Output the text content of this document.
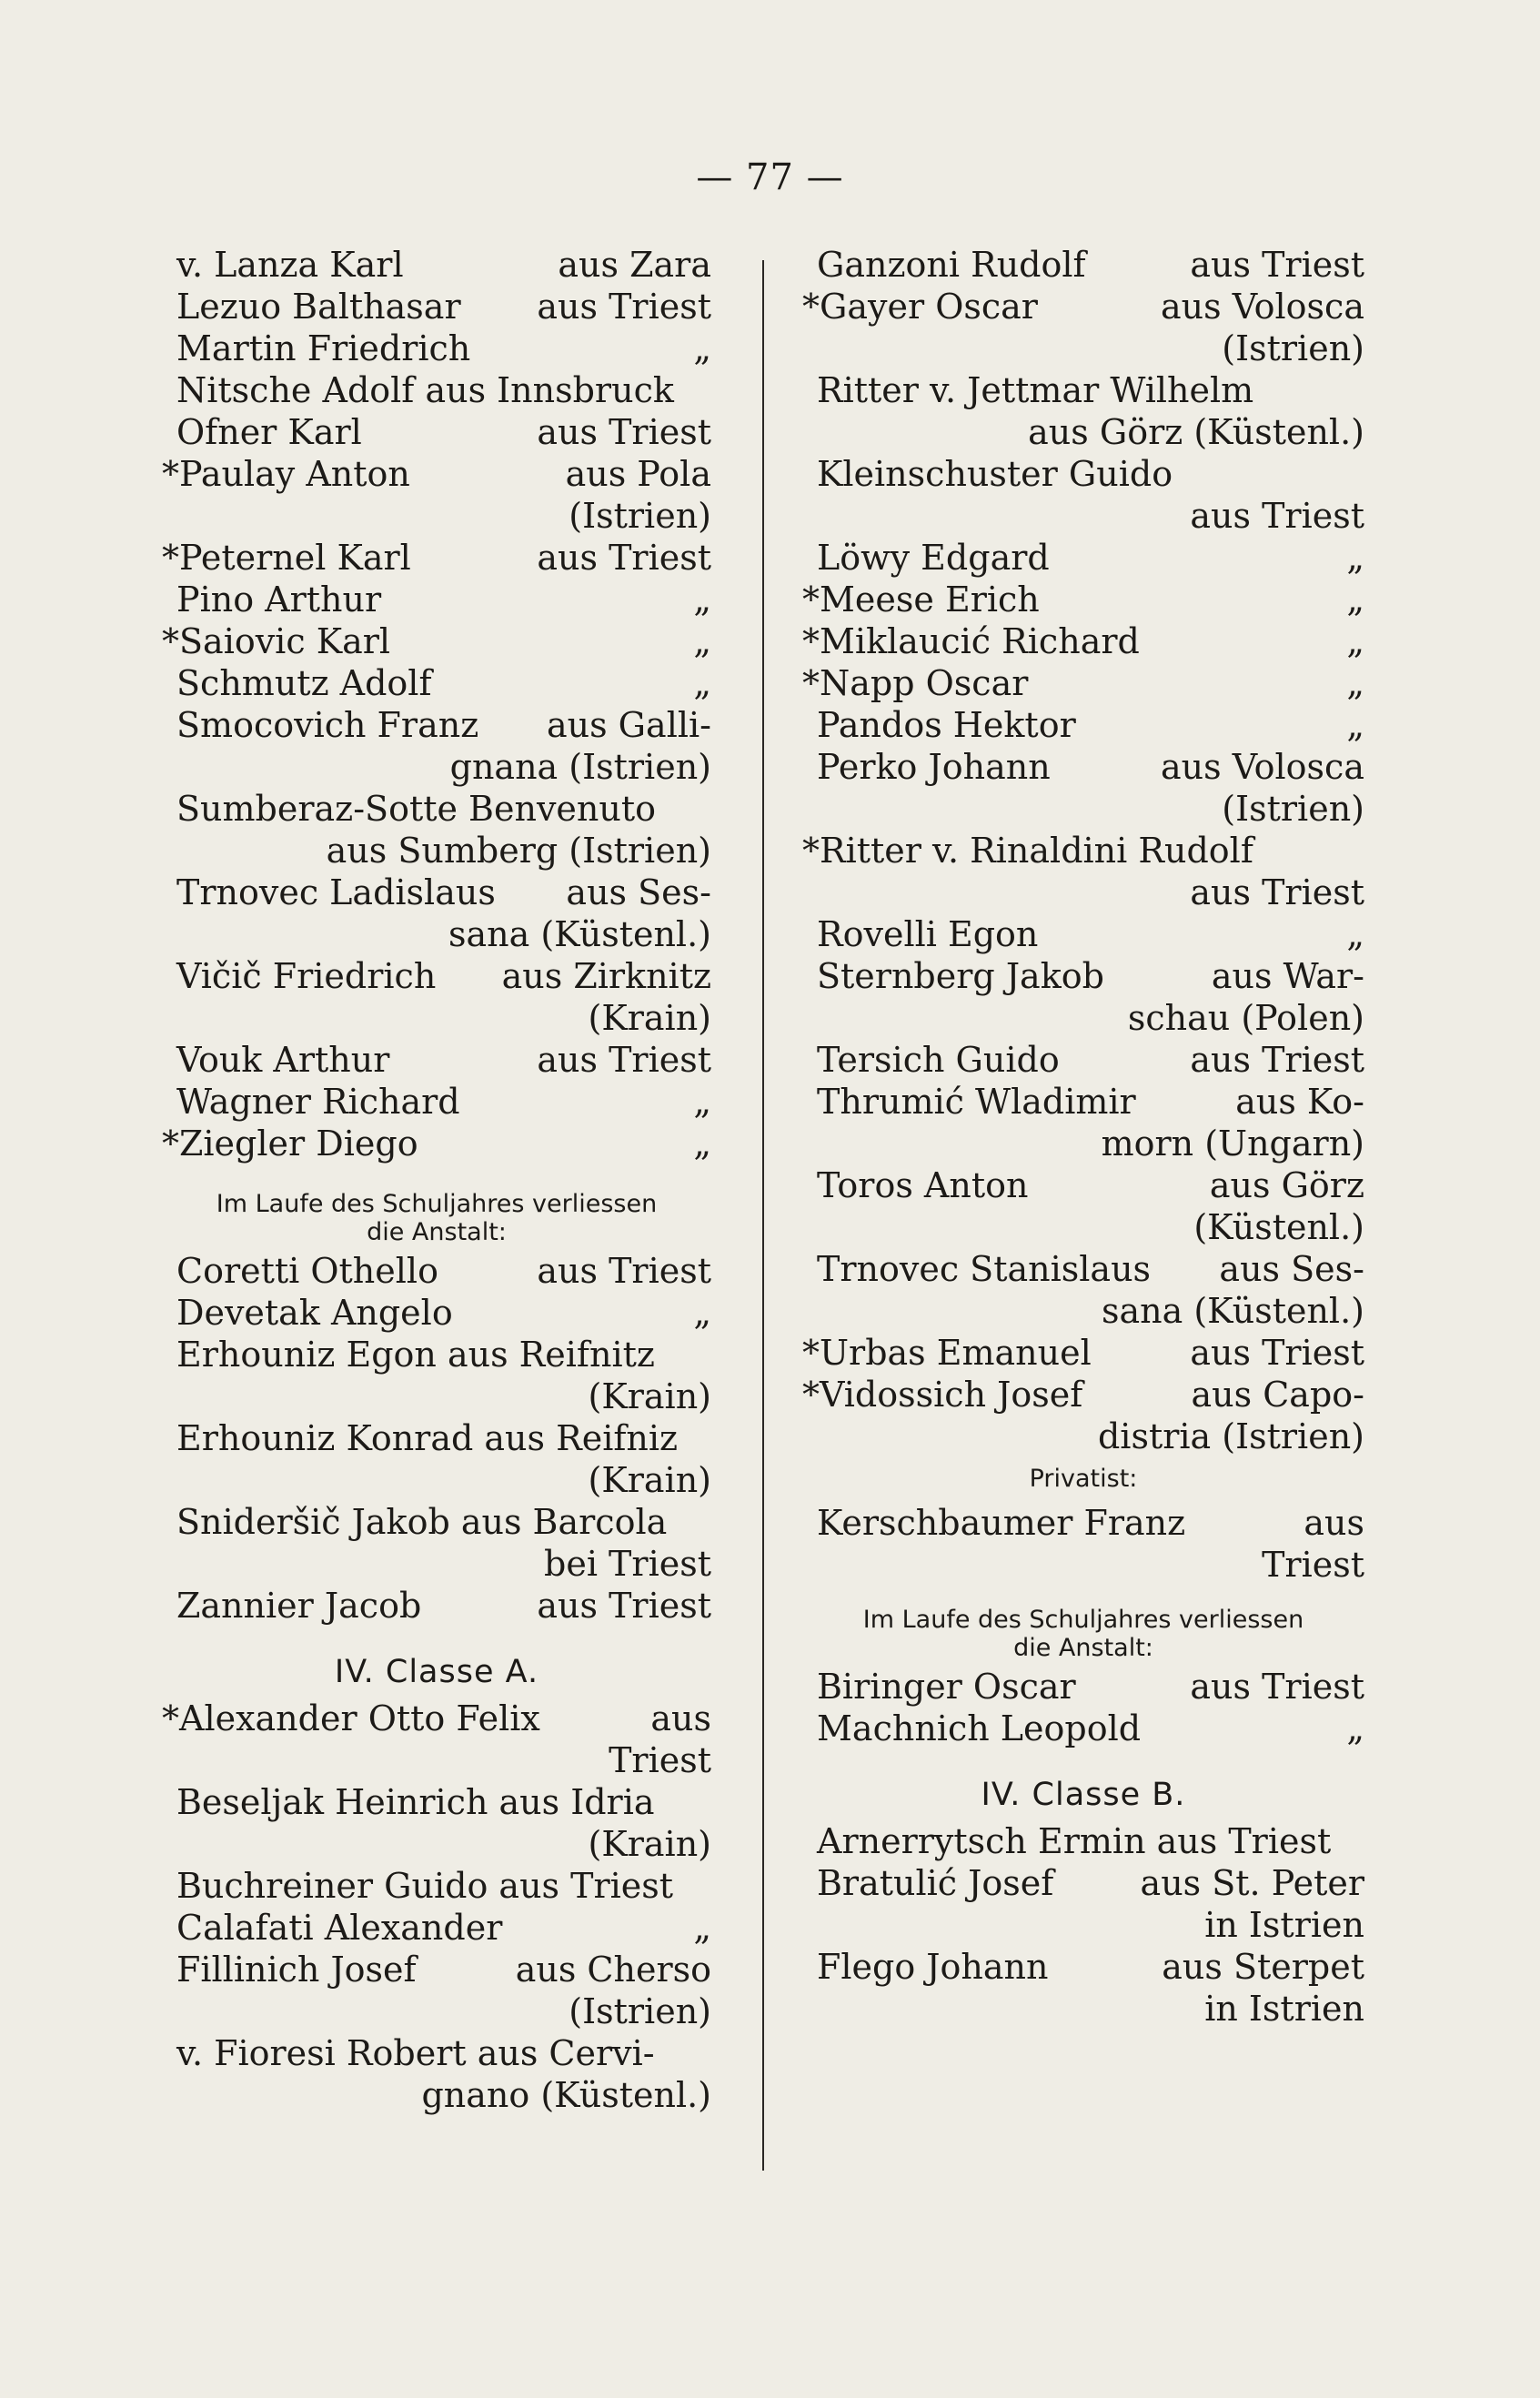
— 77 —
v. Lanza Karl	aus Zara
Lezuo Balthasar aus Triest
Martin Friedrich	„
Nitsche Adolf aus Innsbruck
Ofner Karl	aus Triest
*Paulay Anton	aus Pola
(Istrien)
*Peternel Karl	aus Triest
Pino Arthur	„
*Saiovic Karl	„
Schmutz Adolf	„
Smocovich Franz aus Galli-
gnana (Istrien)
Sumberaz-Sotte Benvenuto
aus Sumberg (Istrien)
Trnovec Ladislaus aus Ses-
sana (Küstenl.)
Vičič Friedrich aus Zirknitz
(Krain)
Vouk Arthur	aus Triest
Wagner Richard	„
*Ziegler Diego	„
Im Laufe des Schuljahres verliessen
die Anstalt:
Coretti Othello	aus Triest
Devetak Angelo	„
Erhouniz Egon aus Reifnitz
(Krain)
Erhouniz Konrad aus Reifniz
(Krain)
Snideršič Jakob aus Barcola
bei Triest
Zannier Jacob	aus Triest
IV. Classe A.
*Alexander Otto Felix	aus
Triest
Beseljak Heinrich aus Idria
(Krain)
Buchreiner Guido aus Triest
Calafati Alexander	„
Fillinich Josef	aus Cherso
(Istrien)
v. Fioresi Robert aus Cervi-
gnano (Küstenl.)
Ganzoni Rudolf	aus Triest
*Gayer Oscar	aus Volosca
(Istrien)
Ritter v. Jettmar Wilhelm
aus Görz (Küstenl.)
Kleinschuster Guido
aus Triest
Löwy Edgard	„
*Meese Erich	„
*Miklaucić Richard	„
*Napp Oscar	„
Pandos Hektor	„
Perko Johann	aus Volosca
(Istrien)
*Ritter v. Rinaldini Rudolf
aus Triest
Rovelli Egon	„
Sternberg Jakob	aus War-
schau (Polen)
Tersich Guido	aus Triest
Thrumić Wladimir	aus Ko-
morn (Ungarn)
Toros Anton	aus Görz
(Küstenl.)
Trnovec Stanislaus aus Ses-
sana (Küstenl.)
*Urbas Emanuel	aus Triest
*Vidossich Josef	aus Capo-
distria (Istrien)
Privatist:
Kerschbaumer Franz	aus
Triest
Im Laufe des Schuljahres verliessen
die Anstalt:
Biringer Oscar	aus Triest
Machnich Leopold	„
IV. Classe B.
Arnerrytsch Ermin aus Triest
Bratulić Josef	aus St. Peter
in Istrien
Flego Johann	aus Sterpet
in Istrien
